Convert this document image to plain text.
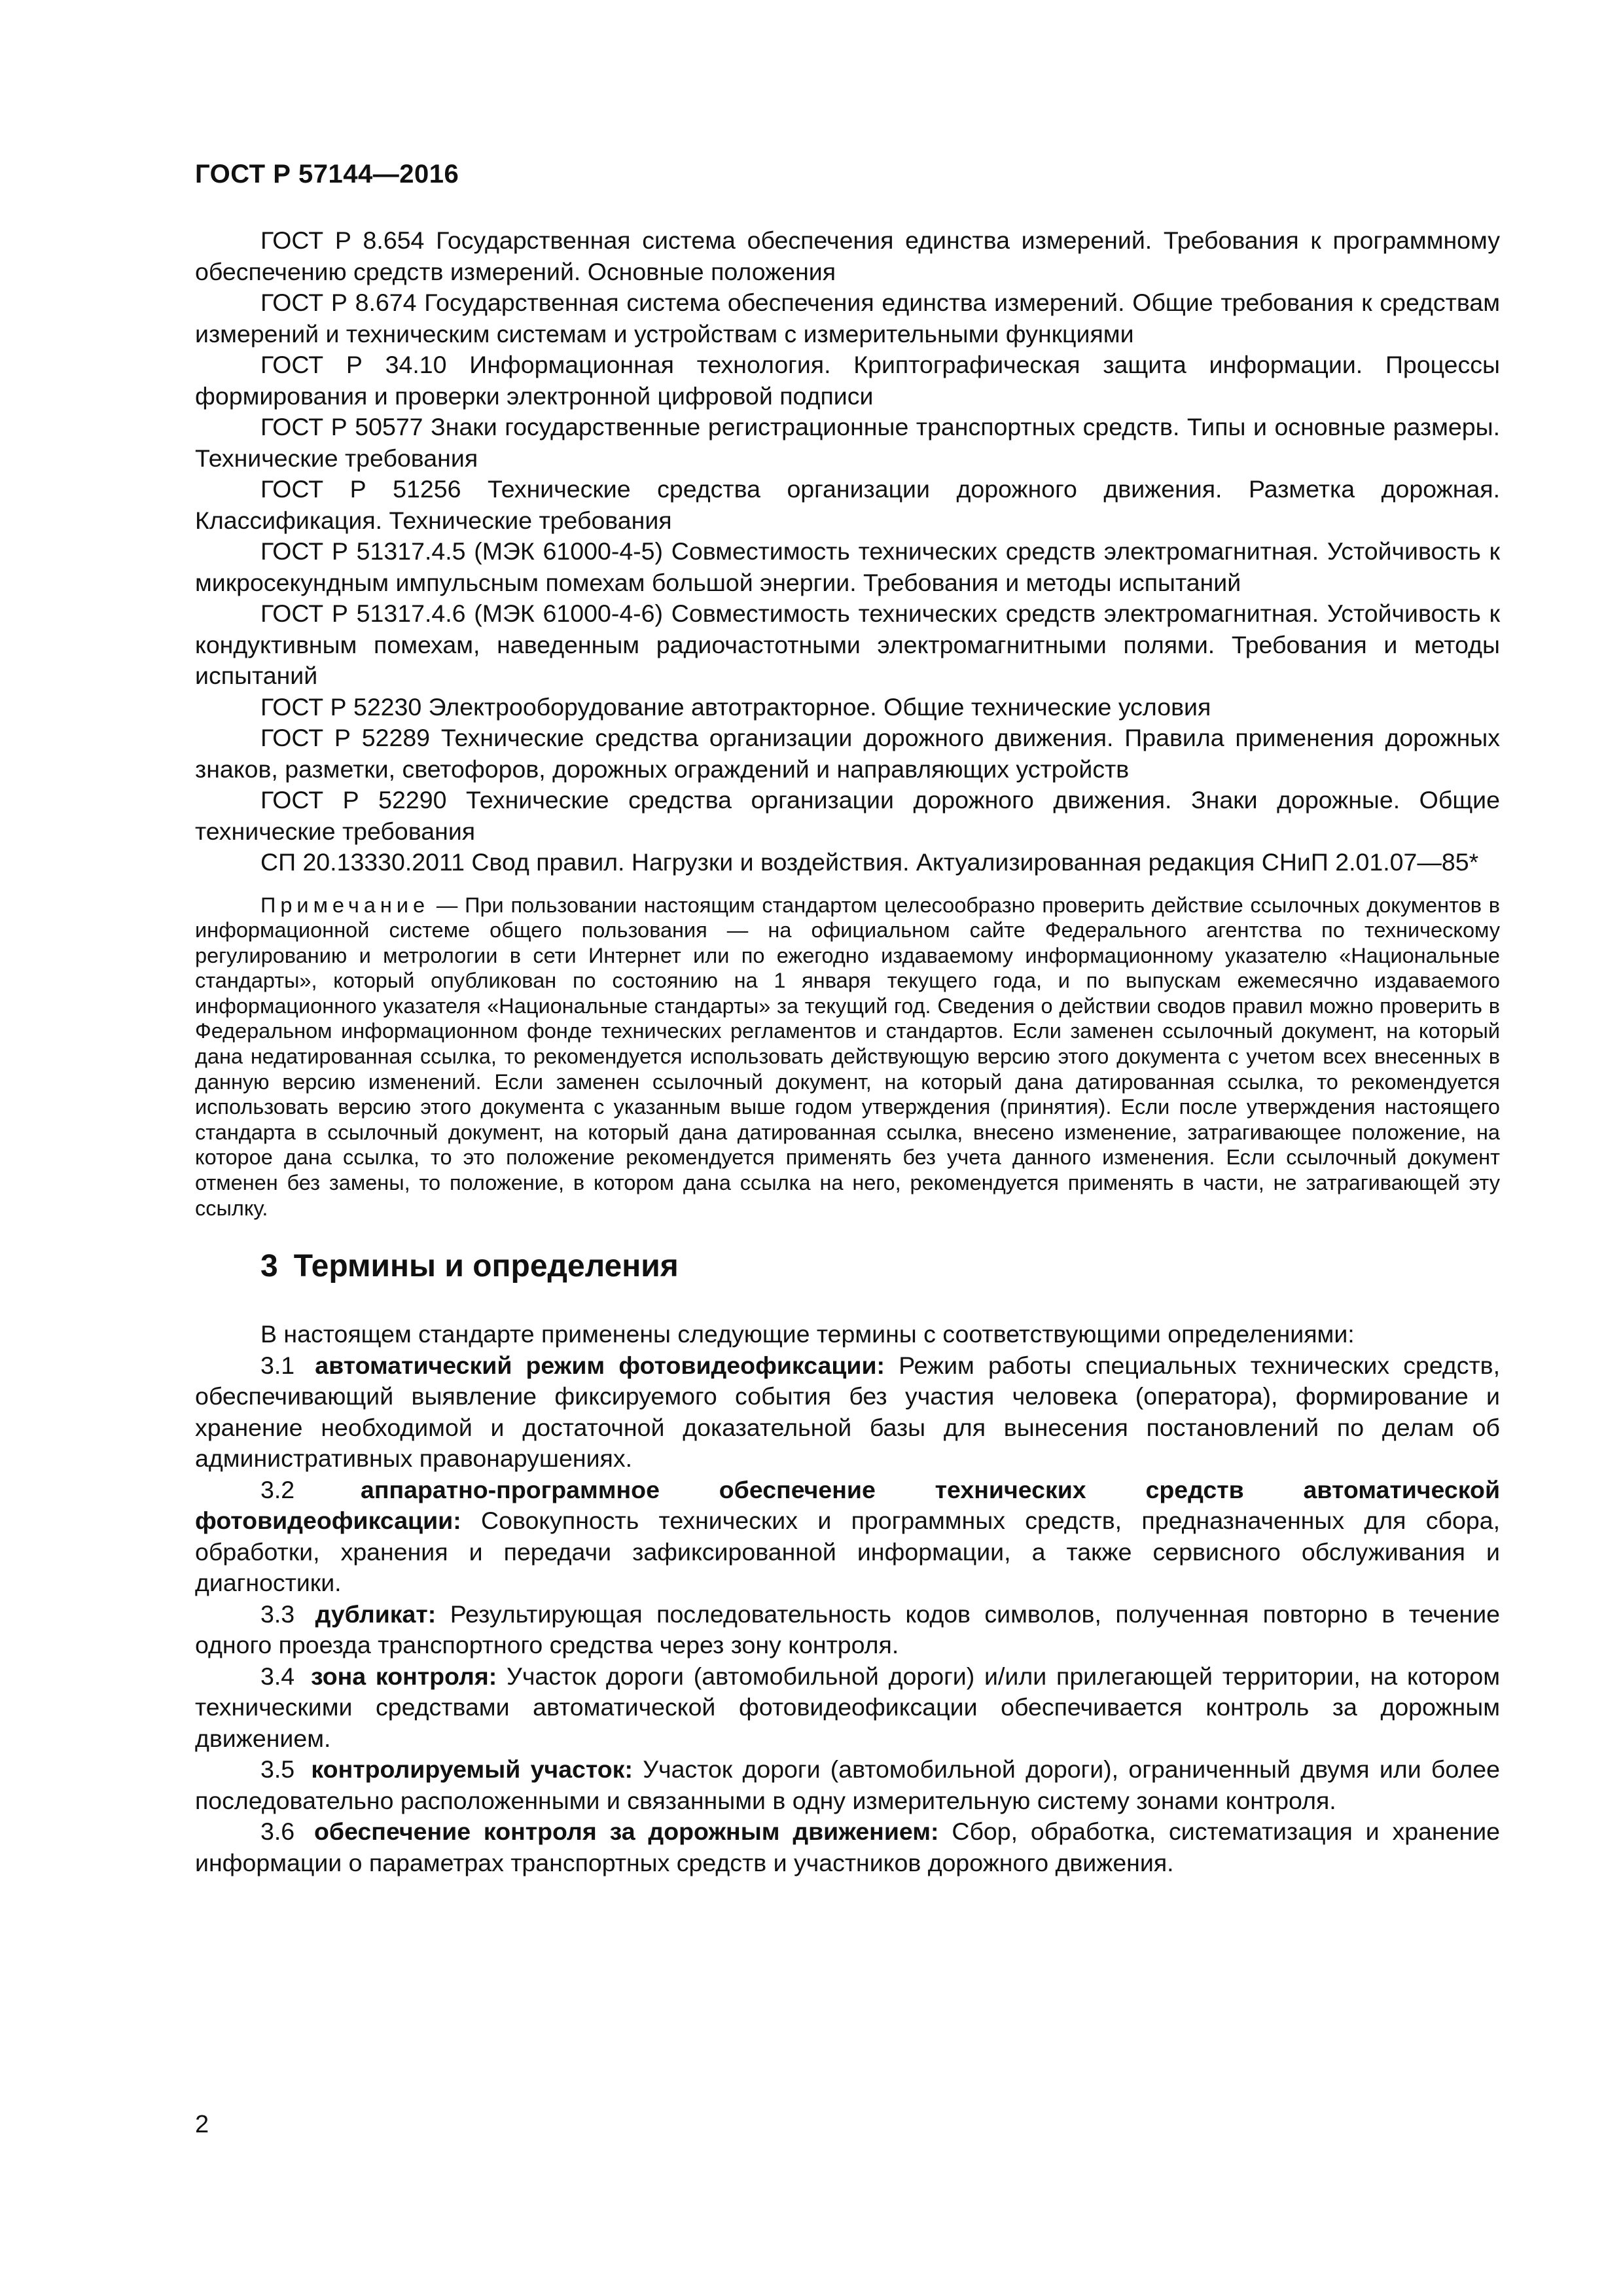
ГОСТ Р 57144—2016

ГОСТ Р 8.654 Государственная система обеспечения единства измерений. Требования к программному обеспечению средств измерений. Основные положения

ГОСТ Р 8.674 Государственная система обеспечения единства измерений. Общие требования к средствам измерений и техническим системам и устройствам с измерительными функциями

ГОСТ Р 34.10 Информационная технология. Криптографическая защита информации. Процессы формирования и проверки электронной цифровой подписи

ГОСТ Р 50577 Знаки государственные регистрационные транспортных средств. Типы и основные размеры. Технические требования

ГОСТ Р 51256 Технические средства организации дорожного движения. Разметка дорожная. Классификация. Технические требования

ГОСТ Р 51317.4.5 (МЭК 61000-4-5) Совместимость технических средств электромагнитная. Устойчивость к микросекундным импульсным помехам большой энергии. Требования и методы испытаний

ГОСТ Р 51317.4.6 (МЭК 61000-4-6) Совместимость технических средств электромагнитная. Устойчивость к кондуктивным помехам, наведенным радиочастотными электромагнитными полями. Требования и методы испытаний

ГОСТ Р 52230 Электрооборудование автотракторное. Общие технические условия

ГОСТ Р 52289 Технические средства организации дорожного движения. Правила применения дорожных знаков, разметки, светофоров, дорожных ограждений и направляющих устройств

ГОСТ Р 52290 Технические средства организации дорожного движения. Знаки дорожные. Общие технические требования

СП 20.13330.2011 Свод правил. Нагрузки и воздействия. Актуализированная редакция СНиП 2.01.07—85*

Примечание — При пользовании настоящим стандартом целесообразно проверить действие ссылочных документов в информационной системе общего пользования — на официальном сайте Федерального агентства по техническому регулированию и метрологии в сети Интернет или по ежегодно издаваемому информационному указателю «Национальные стандарты», который опубликован по состоянию на 1 января текущего года, и по выпускам ежемесячно издаваемого информационного указателя «Национальные стандарты» за текущий год. Сведения о действии сводов правил можно проверить в Федеральном информационном фонде технических регламентов и стандартов. Если заменен ссылочный документ, на который дана недатированная ссылка, то рекомендуется использовать действующую версию этого документа с учетом всех внесенных в данную версию изменений. Если заменен ссылочный документ, на который дана датированная ссылка, то рекомендуется использовать версию этого документа с указанным выше годом утверждения (принятия). Если после утверждения настоящего стандарта в ссылочный документ, на который дана датированная ссылка, внесено изменение, затрагивающее положение, на которое дана ссылка, то это положение рекомендуется применять без учета данного изменения. Если ссылочный документ отменен без замены, то положение, в котором дана ссылка на него, рекомендуется применять в части, не затрагивающей эту ссылку.
3 Термины и определения

В настоящем стандарте применены следующие термины с соответствующими определениями:

3.1 автоматический режим фотовидеофиксации: Режим работы специальных технических средств, обеспечивающий выявление фиксируемого события без участия человека (оператора), формирование и хранение необходимой и достаточной доказательной базы для вынесения постановлений по делам об административных правонарушениях.

3.2	аппаратно-программное обеспечение технических средств автоматической фотовидеофиксации: Совокупность технических и программных средств, предназначенных для сбора, обработки, хранения и передачи зафиксированной информации, а также сервисного обслуживания и диагностики.

3.3 дубликат: Результирующая последовательность кодов символов, полученная повторно в течение одного проезда транспортного средства через зону контроля.

3.4 зона контроля: Участок дороги (автомобильной дороги) и/или прилегающей территории, на котором техническими средствами автоматической фотовидеофиксации обеспечивается контроль за дорожным движением.

3.5 контролируемый участок: Участок дороги (автомобильной дороги), ограниченный двумя или более последовательно расположенными и связанными в одну измерительную систему зонами контроля.

3.6 обеспечение контроля за дорожным движением: Сбор, обработка, систематизация и хранение информации о параметрах транспортных средств и участников дорожного движения.

2
